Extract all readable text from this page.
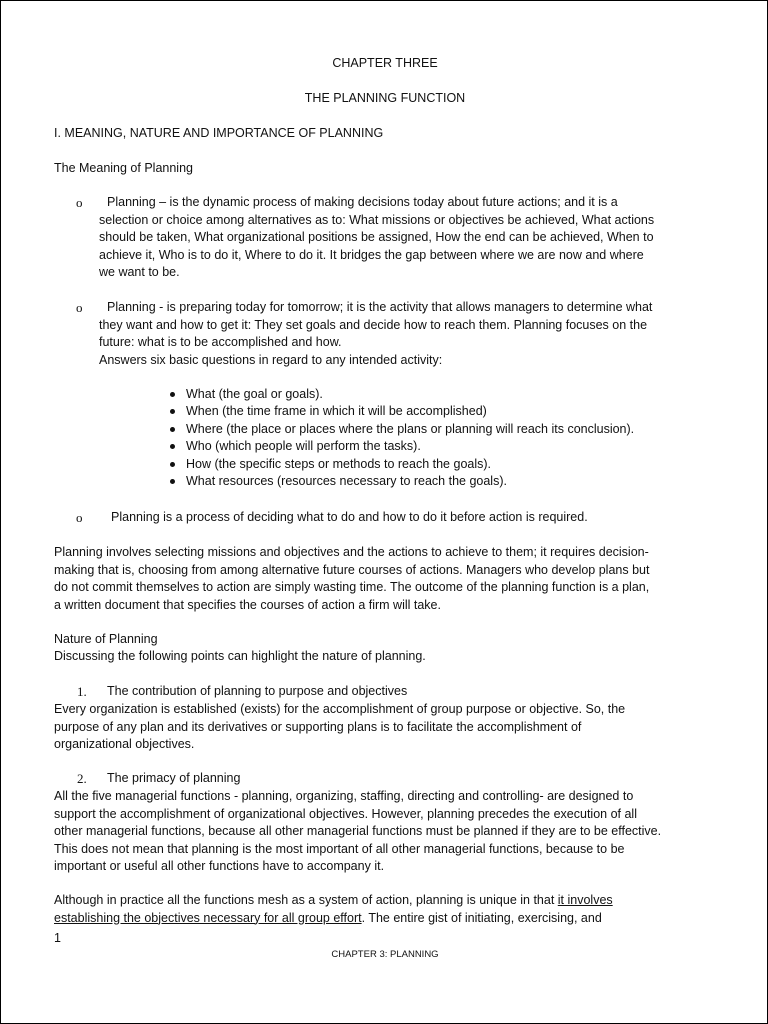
CHAPTER THREE
THE PLANNING FUNCTION
I. MEANING, NATURE AND IMPORTANCE OF PLANNING
The Meaning of Planning
o	Planning – is the dynamic process of making decisions today about future actions; and it is a
selection or choice among alternatives as to: What missions or objectives be achieved, What actions
should be taken, What organizational positions be assigned, How the end can be achieved, When to
achieve it, Who is to do it, Where to do it. It bridges the gap between where we are now and where
we want to be.
o	Planning - is preparing today for tomorrow; it is the activity that allows managers to determine what
they want and how to get it: They set goals and decide how to reach them. Planning focuses on the
future: what is to be accomplished and how.
Answers six basic questions in regard to any intended activity:
What (the goal or goals).
When (the time frame in which it will be accomplished)
Where (the place or places where the plans or planning will reach its conclusion).
Who (which people will perform the tasks).
How (the specific steps or methods to reach the goals).
What resources (resources necessary to reach the goals).
o Planning is a process of deciding what to do and how to do it before action is required.
Planning involves selecting missions and objectives and the actions to achieve to them; it requires decision-
making that is, choosing from among alternative future courses of actions. Managers who develop plans but
do not commit themselves to action are simply wasting time. The outcome of the planning function is a plan,
a written document that specifies the courses of action a firm will take.
Nature of Planning
Discussing the following points can highlight the nature of planning.
1. The contribution of planning to purpose and objectives
Every organization is established (exists) for the accomplishment of group purpose or objective. So, the
purpose of any plan and its derivatives or supporting plans is to facilitate the accomplishment of
organizational objectives.
2. The primacy of planning
All the five managerial functions - planning, organizing, staffing, directing and controlling- are designed to
support the accomplishment of organizational objectives. However, planning precedes the execution of all
other managerial functions, because all other managerial functions must be planned if they are to be effective.
This does not mean that planning is the most important of all other managerial functions, because to be
important or useful all other functions have to accompany it.
Although in practice all the functions mesh as a system of action, planning is unique in that it involves
establishing the objectives necessary for all group effort. The entire gist of initiating, exercising, and
1
CHAPTER 3: PLANNING
